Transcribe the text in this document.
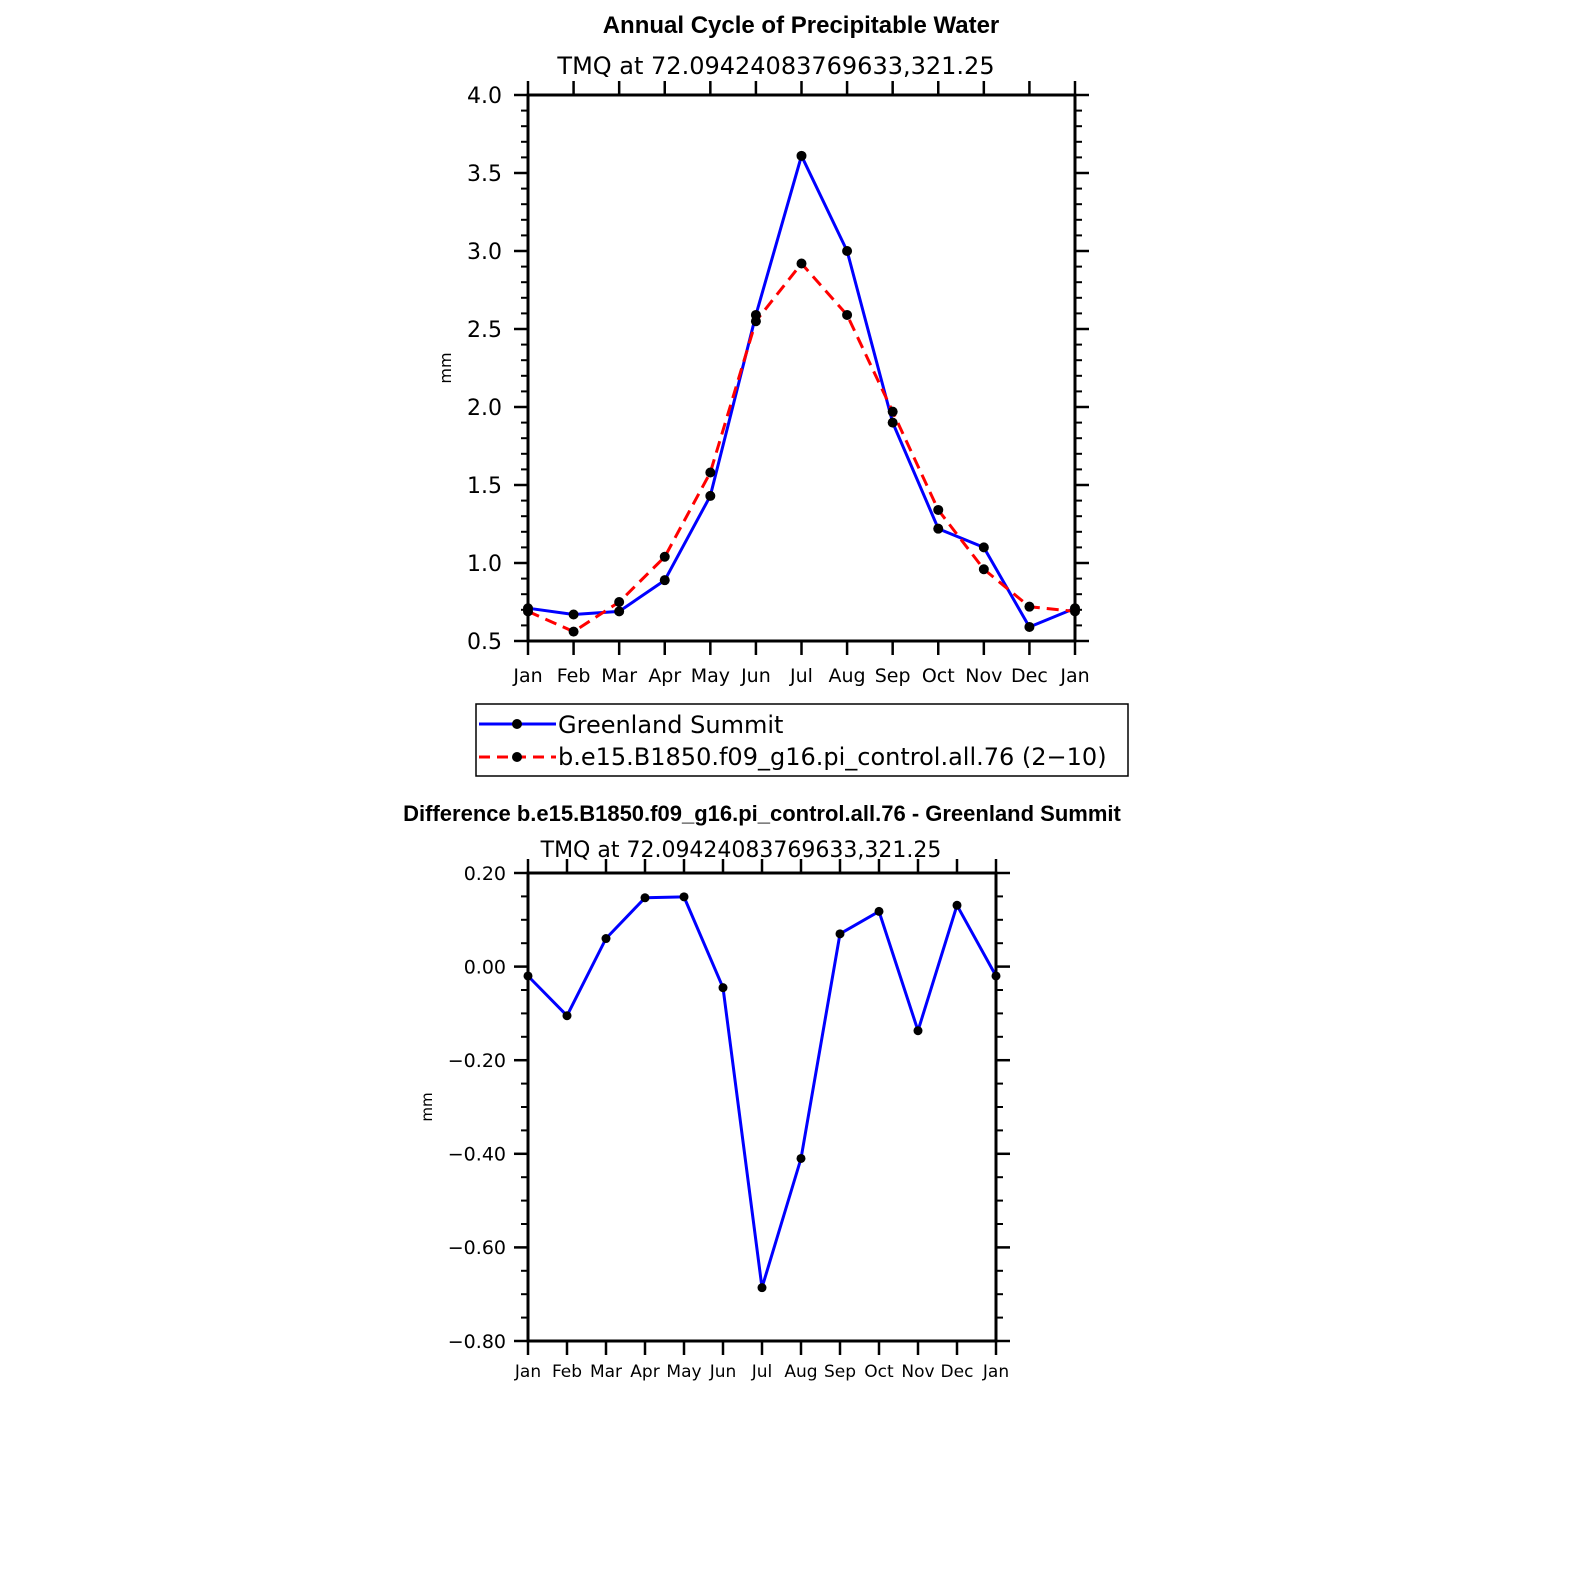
Annual Cycle of Precipitable Water
TMQ at 72.09424083769633,321.25
mm
0.5
1.0
1.5
2.0
2.5
3.0
3.5
4.0
Jan Feb Mar Apr May Jun Jul Aug Sep Oct Nov Dec Jan
Greenland Summit
b.e15.B1850.f09_g16.pi_control.all.76 (2−10)
Difference b.e15.B1850.f09_g16.pi_control.all.76 - Greenland Summit
TMQ at 72.09424083769633,321.25
mm
−0.80
−0.60
−0.40
−0.20
0.00
0.20
Jan Feb Mar Apr May Jun Jul Aug Sep Oct Nov Dec Jan
